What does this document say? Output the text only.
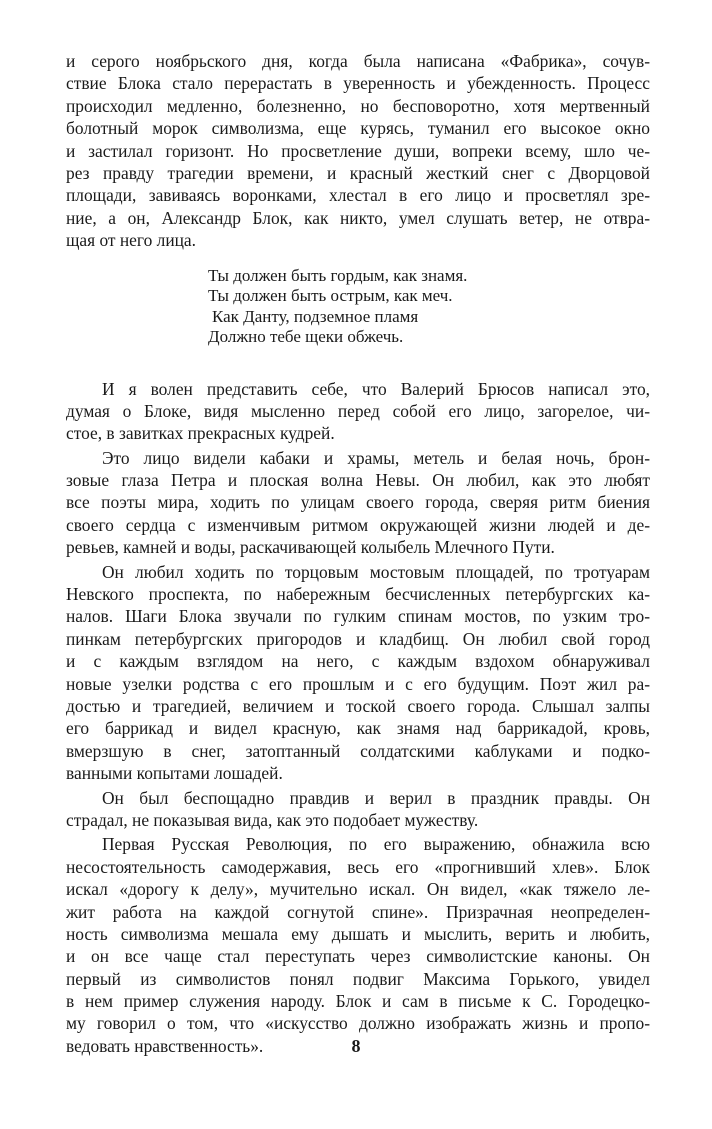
и серого ноябрьского дня, когда была написана «Фабрика», сочув-
ствие Блока стало перерастать в уверенность и убежденность. Процесс
происходил медленно, болезненно, но бесповоротно, хотя мертвенный
болотный морок символизма, еще курясь, туманил его высокое окно
и застилал горизонт. Но просветление души, вопреки всему, шло че-
рез правду трагедии времени, и красный жесткий снег с Дворцовой
площади, завиваясь воронками, хлестал в его лицо и просветлял зре-
ние, а он, Александр Блок, как никто, умел слушать ветер, не отвра-
щая от него лица.
Ты должен быть гордым, как знамя.
Ты должен быть острым, как меч.
Как Данту, подземное пламя
Должно тебе щеки обжечь.
И я волен представить себе, что Валерий Брюсов написал это,
думая о Блоке, видя мысленно перед собой его лицо, загорелое, чи-
стое, в завитках прекрасных кудрей.
Это лицо видели кабаки и храмы, метель и белая ночь, брон-
зовые глаза Петра и плоская волна Невы. Он любил, как это любят
все поэты мира, ходить по улицам своего города, сверяя ритм биения
своего сердца с изменчивым ритмом окружающей жизни людей и де-
ревьев, камней и воды, раскачивающей колыбель Млечного Пути.
Он любил ходить по торцовым мостовым площадей, по тротуарам
Невского проспекта, по набережным бесчисленных петербургских ка-
налов. Шаги Блока звучали по гулким спинам мостов, по узким тро-
пинкам петербургских пригородов и кладбищ. Он любил свой город
и с каждым взглядом на него, с каждым вздохом обнаруживал
новые узелки родства с его прошлым и с его будущим. Поэт жил ра-
достью и трагедией, величием и тоской своего города. Слышал залпы
его баррикад и видел красную, как знамя над баррикадой, кровь,
вмерзшую в снег, затоптанный солдатскими каблуками и подко-
ванными копытами лошадей.
Он был беспощадно правдив и верил в праздник правды. Он
страдал, не показывая вида, как это подобает мужеству.
Первая Русская Революция, по его выражению, обнажила всю
несостоятельность самодержавия, весь его «прогнивший хлев». Блок
искал «дорогу к делу», мучительно искал. Он видел, «как тяжело ле-
жит работа на каждой согнутой спине». Призрачная неопределен-
ность символизма мешала ему дышать и мыслить, верить и любить,
и он все чаще стал переступать через символистские каноны. Он
первый из символистов понял подвиг Максима Горького, увидел
в нем пример служения народу. Блок и сам в письме к С. Городецко-
му говорил о том, что «искусство должно изображать жизнь и пропо-
ведовать нравственность».	8
